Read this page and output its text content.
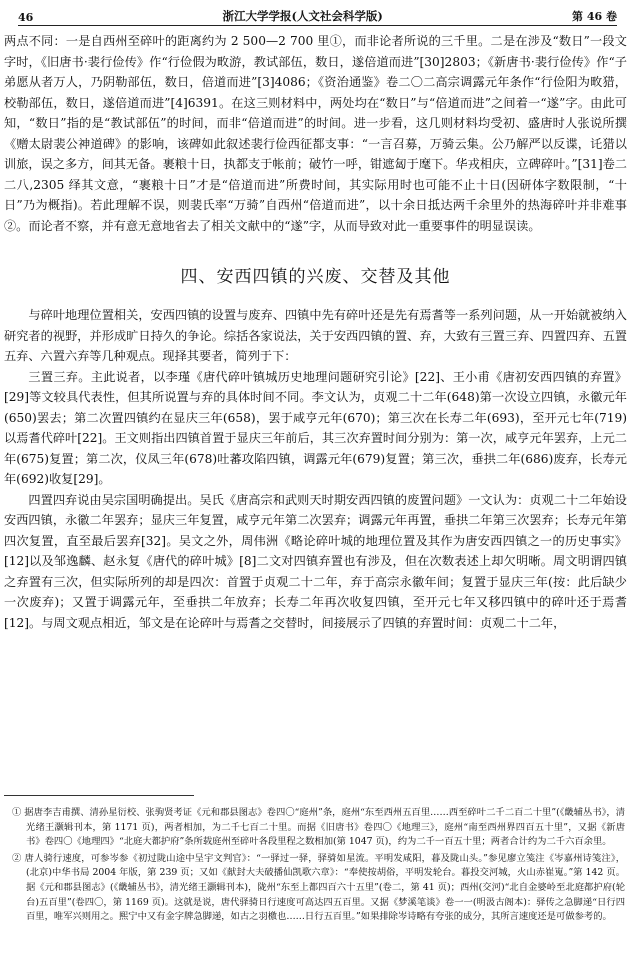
46	浙江大学学报(人文社会科学版)	第 46 卷

两点不同：一是自西州至碎叶的距离约为 2 500—2 700 里①，而非论者所说的三千里。二是在涉及“数日”一段文字时，《旧唐书·裴行俭传》作“行俭假为畋游，教试部伍，数日，遂倍道而进”[30]2803；《新唐书·裴行俭传》作“子弟愿从者万人，乃阴勒部伍，数日，倍道而进”[3]4086；《资治通鉴》卷二〇二高宗调露元年条作“行俭阳为畋猎，校勒部伍，数日，遂倍道而进”[4]6391。在这三则材料中，两处均在“数日”与“倍道而进”之间着一“遂”字。由此可知，“数日”指的是“教试部伍”的时间，而非“倍道而进”的时间。进一步看，这几则材料均受初、盛唐时人张说所撰《赠太尉裴公神道碑》的影响，该碑如此叙述裴行俭西征都支事：“一言召募，万骑云集。公乃解严以反谍，讬猎以训旅，误之多方，间其无备。裹粮十日，执都支于帐前；破竹一呼，钳遮匐于麾下。华戎相庆，立碑碎叶。”[31]卷二二八,2305 绎其文意，“裹粮十日”才是“倍道而进”所费时间，其实际用时也可能不止十日(因研体字数限制，“十日”乃为概指)。若此理解不误，则裴氏率“万骑”自西州“倍道而进”，以十余日抵达两千余里外的热海碎叶并非难事②。而论者不察，并有意无意地省去了相关文献中的“遂”字，从而导致对此一重要事件的明显误读。

四、安西四镇的兴废、交替及其他

与碎叶地理位置相关，安西四镇的设置与废弃、四镇中先有碎叶还是先有焉耆等一系列问题，从一开始就被纳入研究者的视野，并形成旷日持久的争论。综括各家说法，关于安西四镇的置、弃，大致有三置三弃、四置四弃、五置五弃、六置六弃等几种观点。现择其要者，简列于下：

三置三弃。主此说者，以李瑾《唐代碎叶镇城历史地理问题研究引论》[22]、王小甫《唐初安西四镇的弃置》[29]等文较具代表性，但其所说置与弃的具体时间不同。李文认为，贞观二十二年(648)第一次设立四镇，永徽元年(650)罢去；第二次置四镇约在显庆三年(658)，罢于咸亨元年(670)；第三次在长寿二年(693)，至开元七年(719)以焉耆代碎叶[22]。王文则指出四镇首置于显庆三年前后，其三次弃置时间分别为：第一次，咸亨元年罢弃，上元二年(675)复置；第二次，仪凤三年(678)吐蕃攻陷四镇，调露元年(679)复置；第三次，垂拱二年(686)废弃，长寿元年(692)收复[29]。

四置四弃说由吴宗国明确提出。吴氏《唐高宗和武则天时期安西四镇的废置问题》一文认为：贞观二十二年始设安西四镇，永徽二年罢弃；显庆三年复置，咸亨元年第二次罢弃；调露元年再置，垂拱二年第三次罢弃；长寿元年第四次复置，直至最后罢弃[32]。吴文之外，周伟洲《略论碎叶城的地理位置及其作为唐安西四镇之一的历史事实》[12]以及邹逸麟、赵永复《唐代的碎叶城》[8]二文对四镇弃置也有涉及，但在次数表述上却欠明晰。周文明谓四镇之弃置有三次，但实际所列的却是四次：首置于贞观二十二年，弃于高宗永徽年间；复置于显庆三年(按：此后缺少一次废弃)；又置于调露元年，至垂拱二年放弃；长寿二年再次收复四镇，至开元七年又移四镇中的碎叶还于焉耆[12]。与周文观点相近，邹文是在论碎叶与焉耆之交替时，间接展示了四镇的弃置时间：贞观二十二年，

① 据唐李吉甫撰、清孙星衍校、张驹贤考证《元和郡县图志》卷四〇“庭州”条，庭州“东至西州五百里……西至碎叶二千二百二十里”(《畿辅丛书》，清光绪王灏辑刊本，第 1171 页)，两者相加，为二千七百二十里。而据《旧唐书》卷四〇《地理三》，庭州“南至西州界四百五十里”，又据《新唐书》卷四〇《地理四》“北庭大都护府”条所载庭州至碎叶各段里程之数相加(第 1047 页)，约为二千一百五十里；两者合计约为二千六百余里。

② 唐人骑行速度，可参岑参《初过陇山途中呈宇文判官》：“一驿过一驿，驿骑如星流。平明发咸阳，暮及陇山头。”参见廖立笺注《岑嘉州诗笺注》，(北京)中华书局 2004 年版，第 239 页；又如《献封大夫破播仙凯歌六章》：“奉使按胡俗，平明发轮台。暮投交河城，火山赤崔嵬。”第 142 页。据《元和郡县图志》(《畿辅丛书》，清光绪王灏辑刊本)，陇州“东至上都四百六十五里”(卷二，第 41 页)；西州(交河)“北自金婆岭至北庭都护府(轮台)五百里”(卷四〇，第 1169 页)。这就是说，唐代驿骑日行速度可高达四五百里。又据《梦溪笔谈》卷一一(明汲古阁本)：驿传之急脚递“日行四百里，唯军兴则用之。熙宁中又有金字牌急脚递，如古之羽檄也……日行五百里。”如果排除岑诗略有夸张的成分，其所言速度还是可做参考的。
